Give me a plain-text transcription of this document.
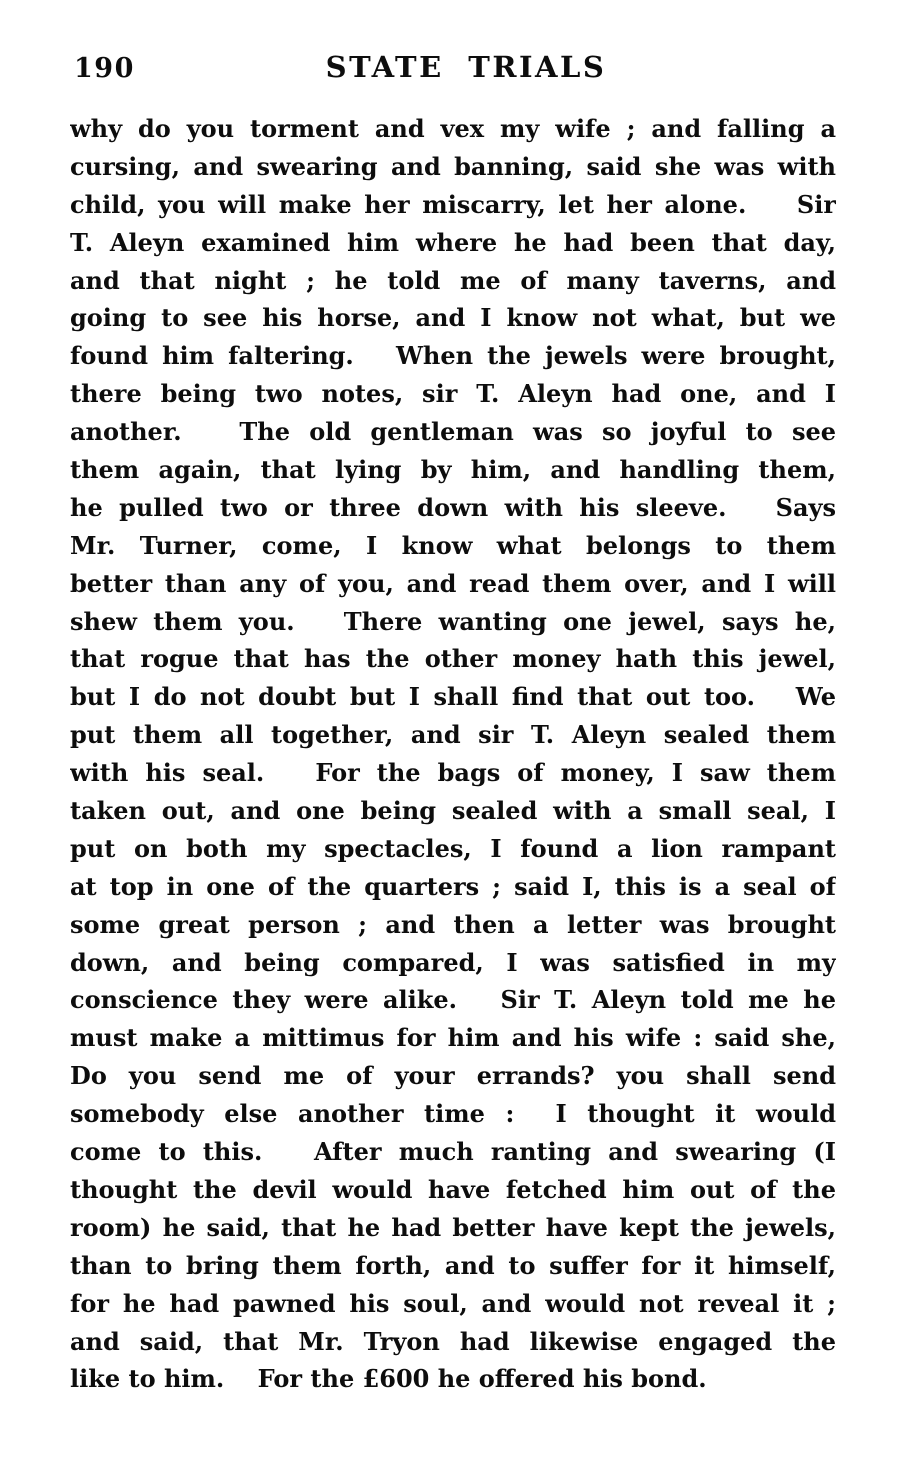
190	STATE TRIALS
why do you torment and vex my wife ; and falling a
cursing, and swearing and banning, said she was with
child, you will make her miscarry, let her alone.    Sir
T. Aleyn examined him where he had been that day,
and that night ; he told me of many taverns, and
going to see his horse, and I know not what, but we
found him faltering.   When the jewels were brought,
there being two notes, sir T. Aleyn had one, and I
another.   The old gentleman was so joyful to see
them again, that lying by him, and handling them,
he pulled two or three down with his sleeve.   Says
Mr. Turner, come, I know what belongs to them
better than any of you, and read them over, and I will
shew them you.   There wanting one jewel, says he,
that rogue that has the other money hath this jewel,
but I do not doubt but I shall find that out too.   We
put them all together, and sir T. Aleyn sealed them
with his seal.   For the bags of money, I saw them
taken out, and one being sealed with a small seal, I
put on both my spectacles, I found a lion rampant
at top in one of the quarters ; said I, this is a seal of
some great person ; and then a letter was brought
down, and being compared, I was satisfied in my
conscience they were alike.   Sir T. Aleyn told me he
must make a mittimus for him and his wife : said she,
Do you send me of your errands? you shall send
somebody else another time :  I thought it would
come to this.   After much ranting and swearing (I
thought the devil would have fetched him out of the
room) he said, that he had better have kept the jewels,
than to bring them forth, and to suffer for it himself,
for he had pawned his soul, and would not reveal it ;
and said, that Mr. Tryon had likewise engaged the
like to him.    For the £600 he offered his bond.
